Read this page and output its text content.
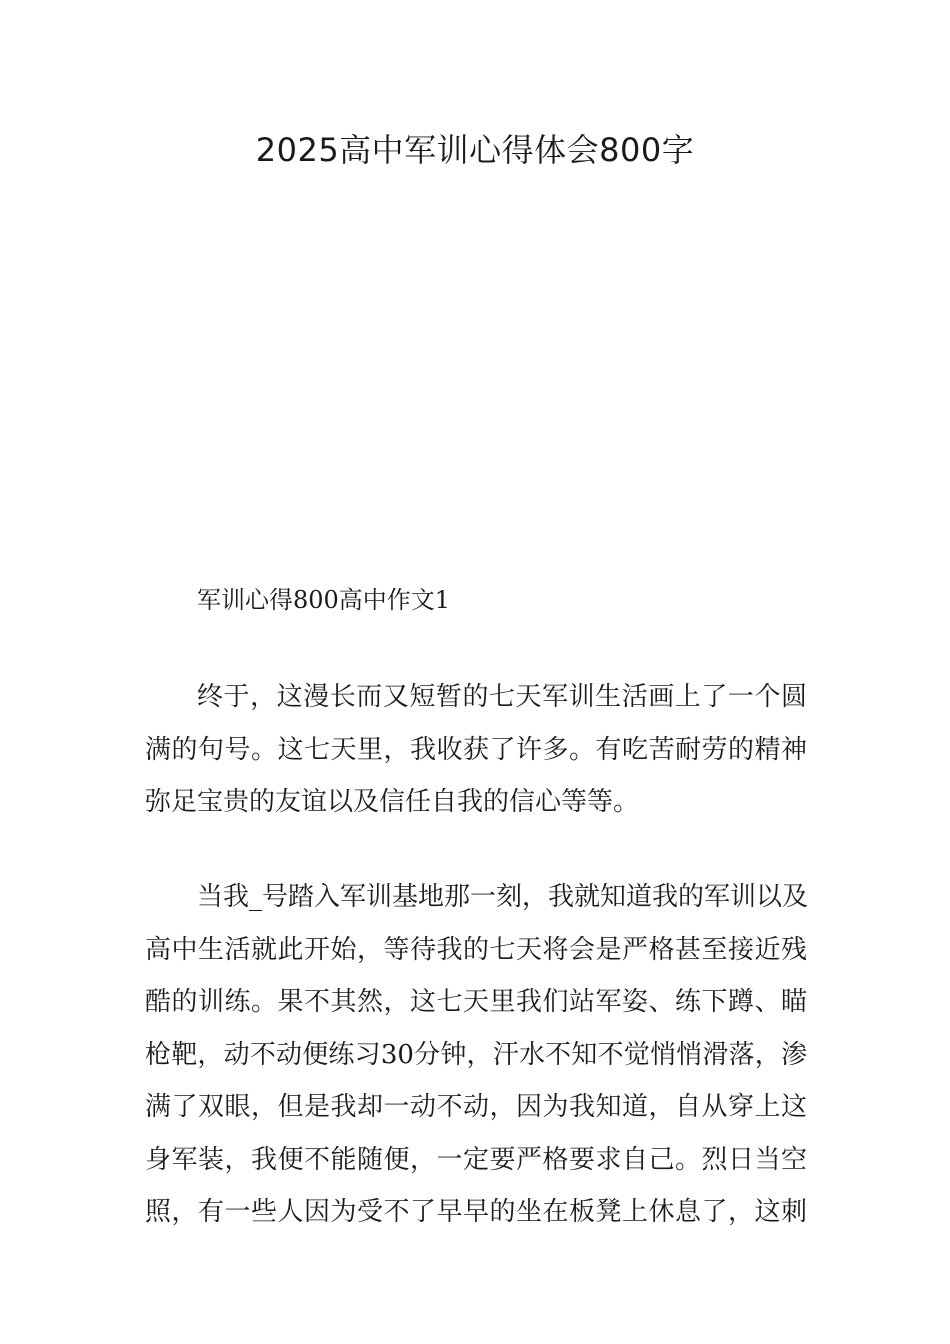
2025高中军训心得体会800字

军训心得800高中作文1

终于，这漫长而又短暂的七天军训生活画上了一个圆
满的句号。这七天里，我收获了许多。有吃苦耐劳的精神
弥足宝贵的友谊以及信任自我的信心等等。
当我_号踏入军训基地那一刻，我就知道我的军训以及
高中生活就此开始，等待我的七天将会是严格甚至接近残
酷的训练。果不其然，这七天里我们站军姿、练下蹲、瞄
枪靶，动不动便练习30分钟，汗水不知不觉悄悄滑落，渗
满了双眼，但是我却一动不动，因为我知道，自从穿上这
身军装，我便不能随便，一定要严格要求自己。烈日当空
照，有一些人因为受不了早早的坐在板凳上休息了，这刺
